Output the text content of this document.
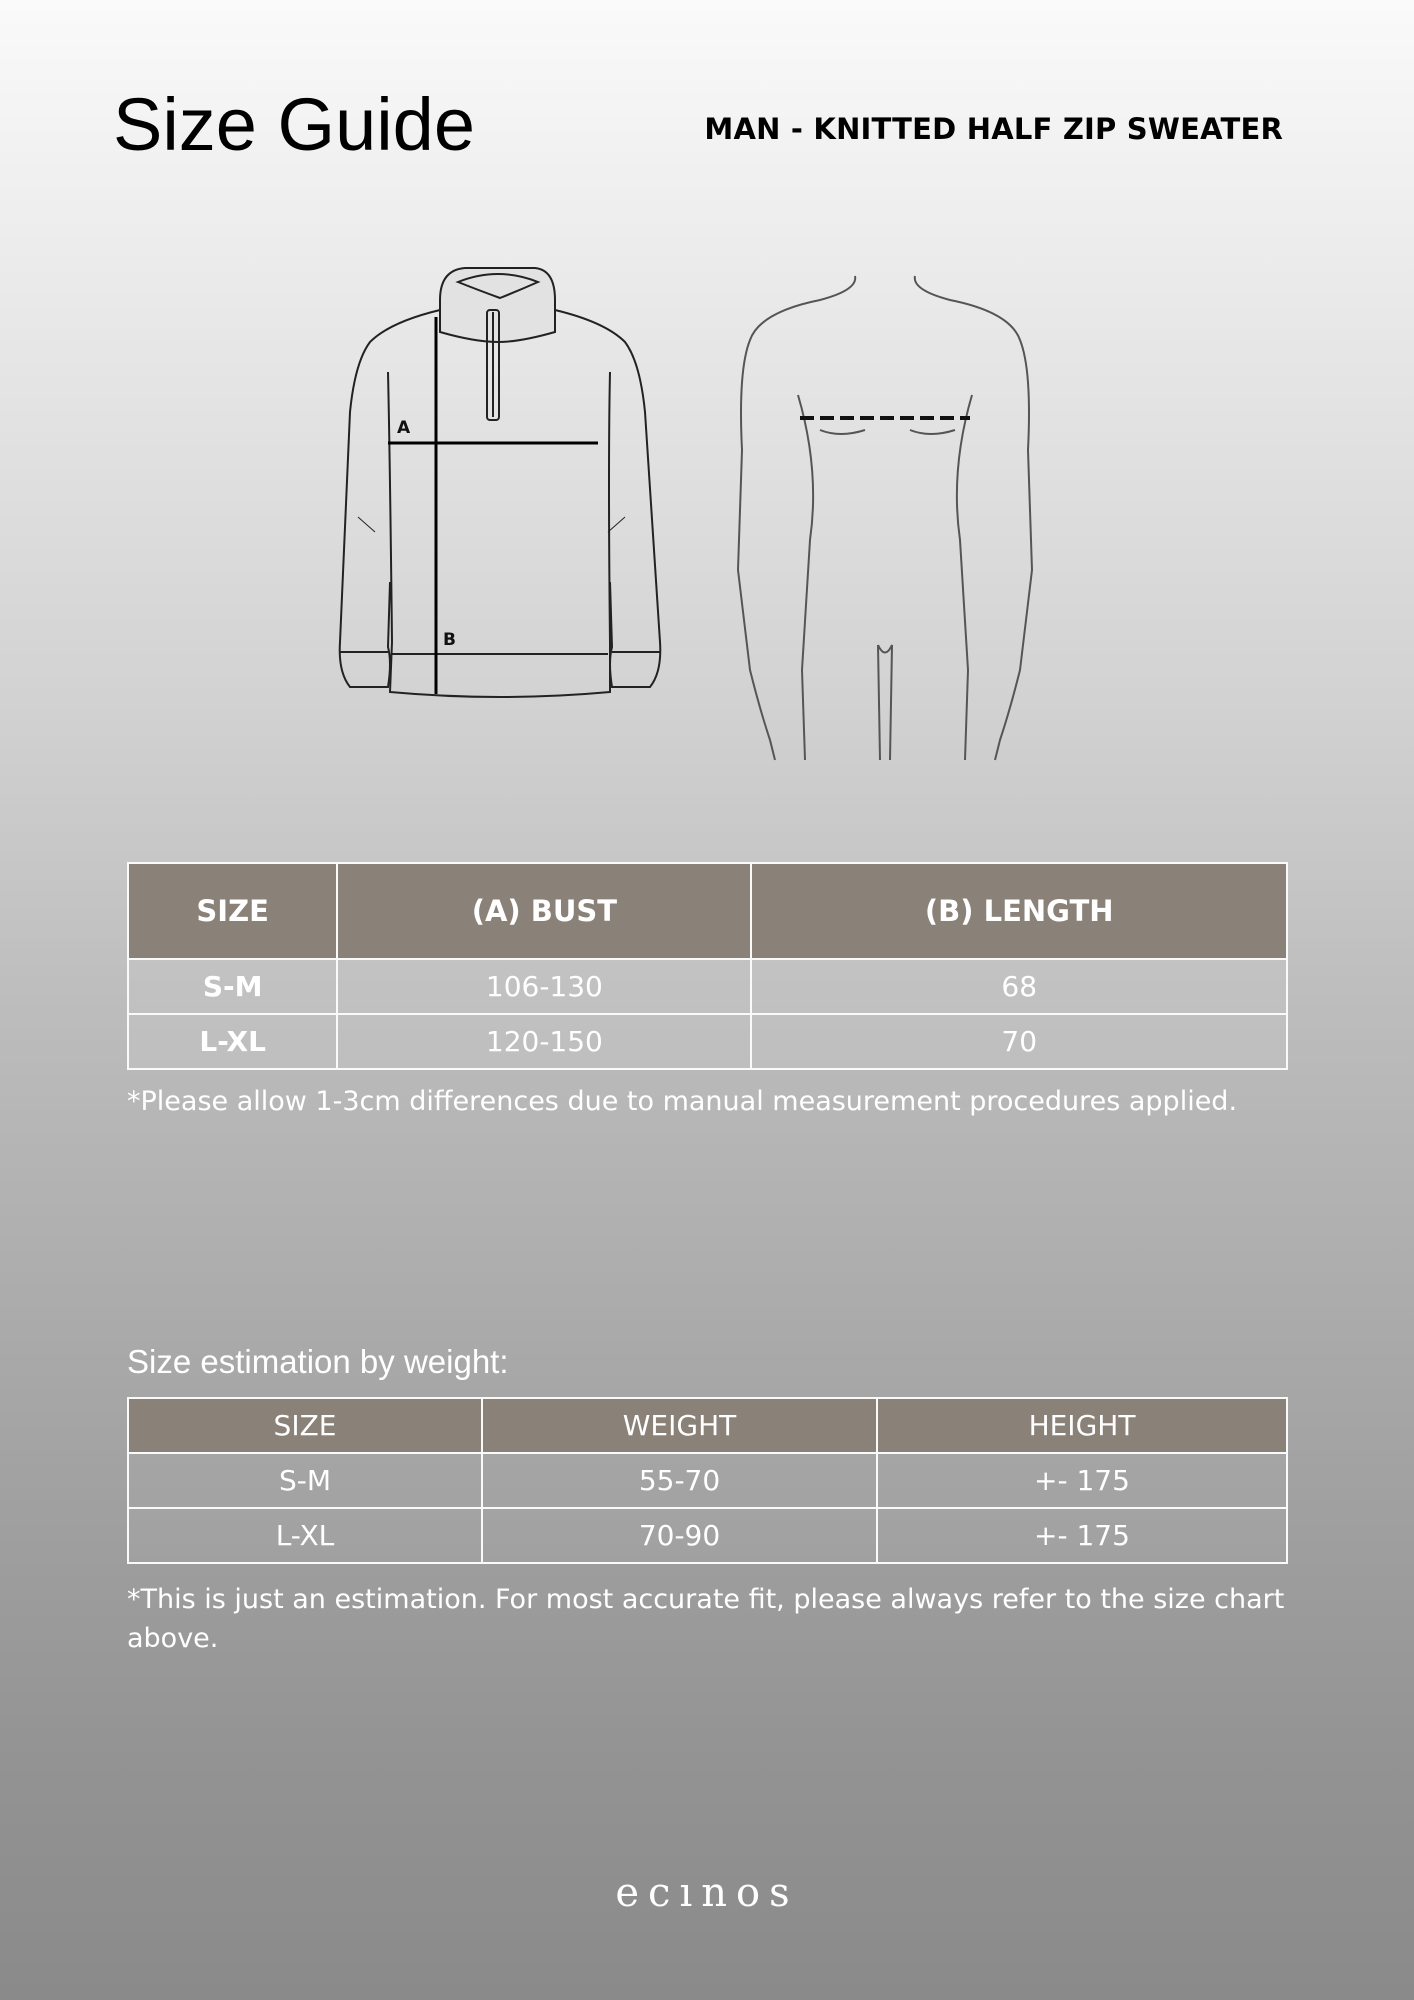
Size Guide	MAN - KNITTED HALF ZIP SWEATER
A
B
SIZE	(A) BUST	(B) LENGTH
S-M	106-130	68
L-XL	120-150	70
*Please allow 1-3cm differences due to manual measurement procedures applied.
Size estimation by weight:
SIZE	WEIGHT	HEIGHT
S-M	55-70	+- 175
L-XL	70-90	+- 175
*This is just an estimation. For most accurate fit, please always refer to the size chart above.
ecınos
